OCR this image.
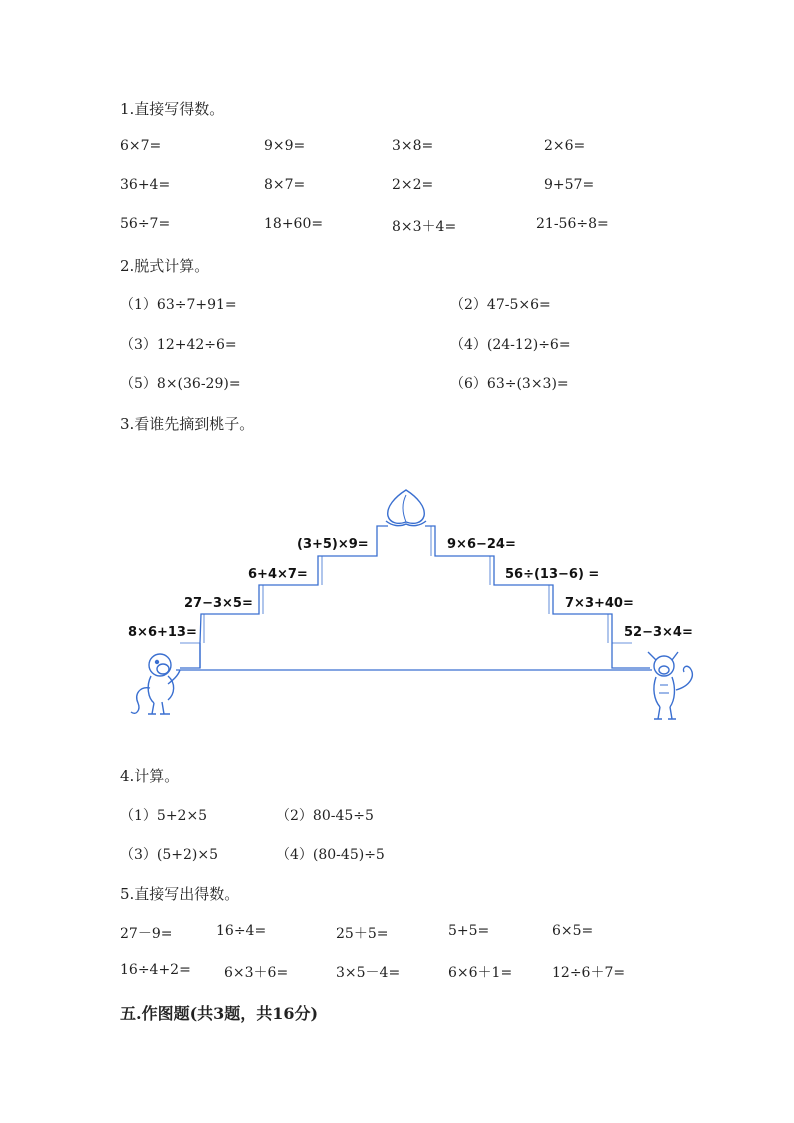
1.直接写得数。
6×7=	9×9=	3×8=	2×6=
36+4=	8×7=	2×2=	9+57=
56÷7=	18+60=	8×3＋4=	21-56÷8=
2.脱式计算。
（1）63÷7+91=	（2）47-5×6=
（3）12+42÷6=	（4）(24-12)÷6=
（5）8×(36-29)=	（6）63÷(3×3)=
3.看谁先摘到桃子。
8×6+13=
27−3×5=
6+4×7=
(3+5)×9=	9×6−24=
56÷(13−6) =
7×3+40=
52−3×4=
4.计算。
（1）5+2×5	（2）80-45÷5
（3）(5+2)×5	（4）(80-45)÷5
5.直接写出得数。
27－9=	16÷4=	25＋5=	5+5=	6×5=
16÷4+2= 6×3＋6=	3×5－4=	6×6＋1=	12÷6＋7=
五.作图题(共3题，共16分)
